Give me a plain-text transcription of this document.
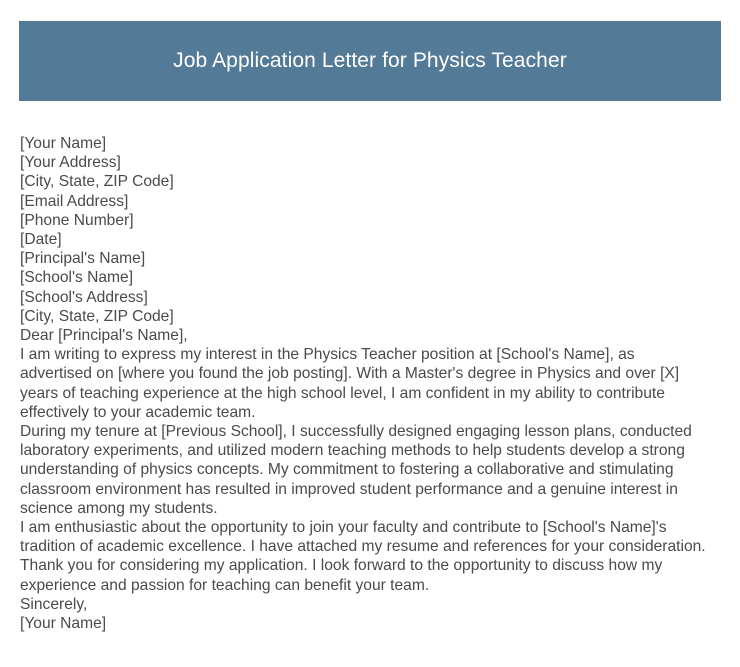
Job Application Letter for Physics Teacher
[Your Name]
[Your Address]
[City, State, ZIP Code]
[Email Address]
[Phone Number]
[Date]
[Principal's Name]
[School's Name]
[School's Address]
[City, State, ZIP Code]
Dear [Principal's Name],
I am writing to express my interest in the Physics Teacher position at [School's Name], as advertised on [where you found the job posting]. With a Master's degree in Physics and over [X] years of teaching experience at the high school level, I am confident in my ability to contribute effectively to your academic team.
During my tenure at [Previous School], I successfully designed engaging lesson plans, conducted laboratory experiments, and utilized modern teaching methods to help students develop a strong understanding of physics concepts. My commitment to fostering a collaborative and stimulating classroom environment has resulted in improved student performance and a genuine interest in science among my students.
I am enthusiastic about the opportunity to join your faculty and contribute to [School's Name]'s tradition of academic excellence. I have attached my resume and references for your consideration.
Thank you for considering my application. I look forward to the opportunity to discuss how my experience and passion for teaching can benefit your team.
Sincerely,
[Your Name]
